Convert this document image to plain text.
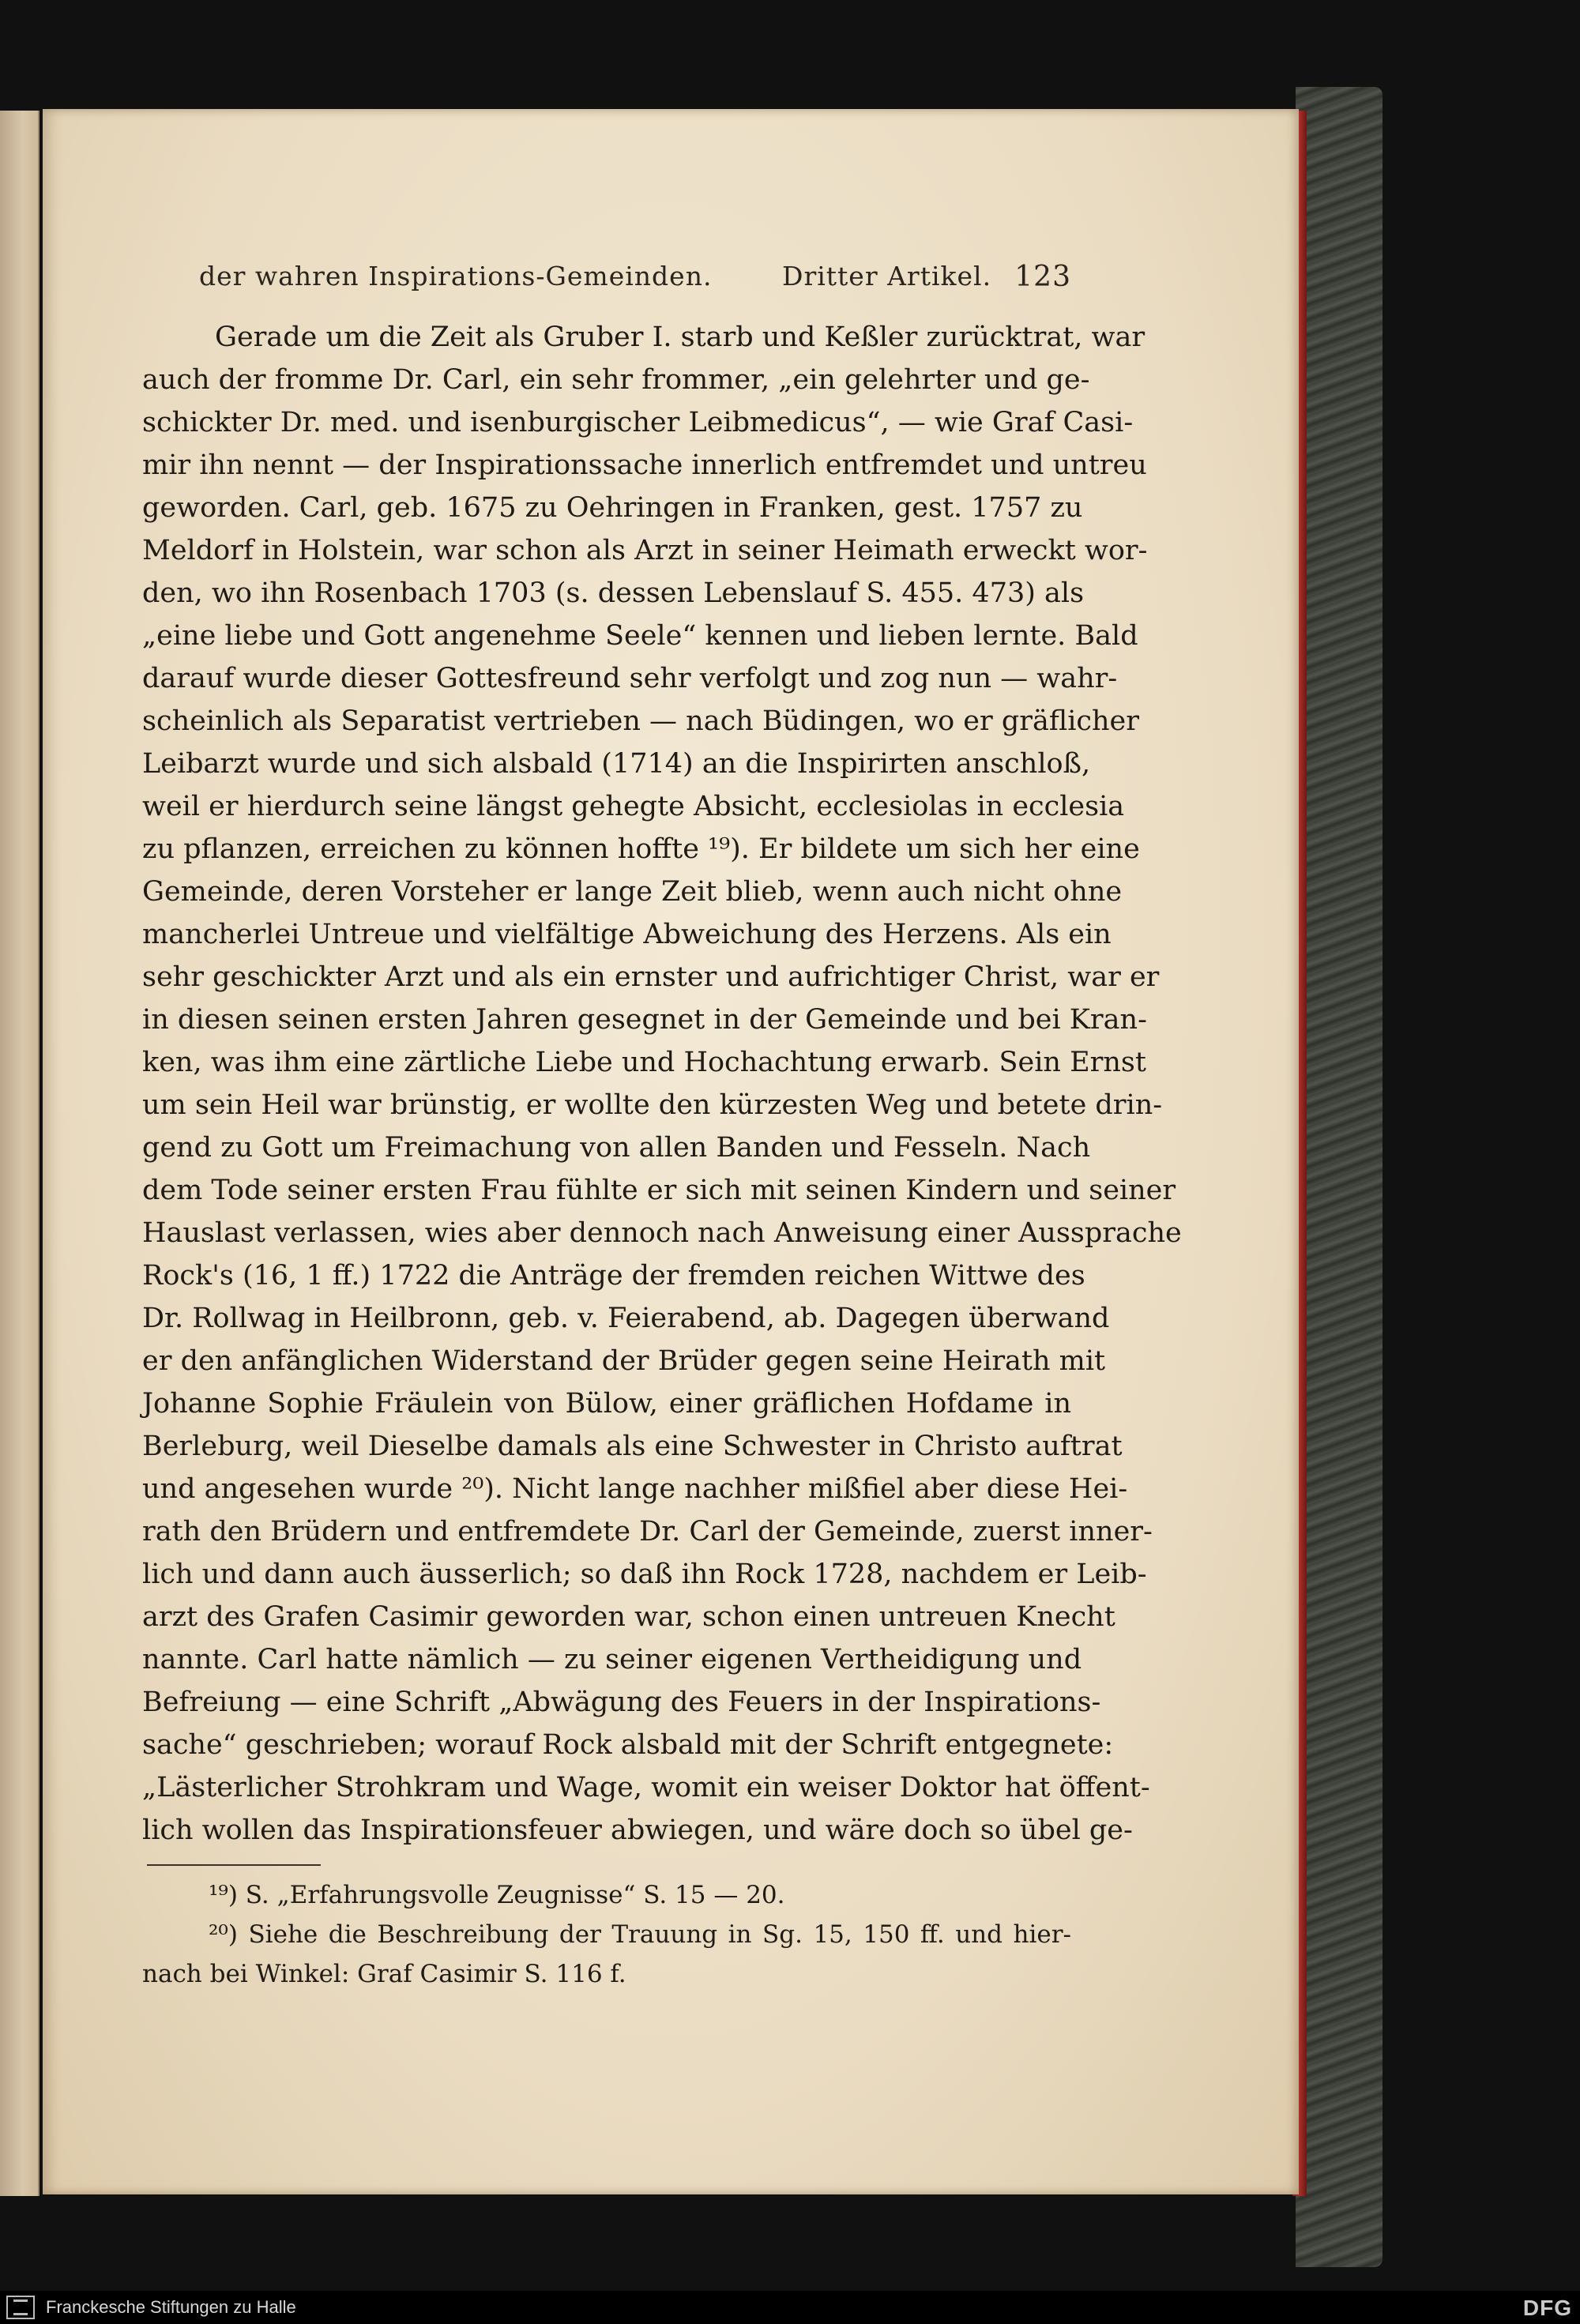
der wahren Inspirations-Gemeinden.	Dritter Artikel. 123
Gerade um die Zeit als Gruber I. starb und Keßler zurücktrat, war
auch der fromme Dr. Carl, ein sehr frommer, „ein gelehrter und ge-
schickter Dr. med. und isenburgischer Leibmedicus“, — wie Graf Casi-
mir ihn nennt — der Inspirationssache innerlich entfremdet und untreu
geworden. Carl, geb. 1675 zu Oehringen in Franken, gest. 1757 zu
Meldorf in Holstein, war schon als Arzt in seiner Heimath erweckt wor-
den, wo ihn Rosenbach 1703 (s. dessen Lebenslauf S. 455. 473) als
„eine liebe und Gott angenehme Seele“ kennen und lieben lernte. Bald
darauf wurde dieser Gottesfreund sehr verfolgt und zog nun — wahr-
scheinlich als Separatist vertrieben — nach Büdingen, wo er gräflicher
Leibarzt wurde und sich alsbald (1714) an die Inspirirten anschloß,
weil er hierdurch seine längst gehegte Absicht, ecclesiolas in ecclesia
zu pflanzen, erreichen zu können hoffte ¹⁹). Er bildete um sich her eine
Gemeinde, deren Vorsteher er lange Zeit blieb, wenn auch nicht ohne
mancherlei Untreue und vielfältige Abweichung des Herzens. Als ein
sehr geschickter Arzt und als ein ernster und aufrichtiger Christ, war er
in diesen seinen ersten Jahren gesegnet in der Gemeinde und bei Kran-
ken, was ihm eine zärtliche Liebe und Hochachtung erwarb. Sein Ernst
um sein Heil war brünstig, er wollte den kürzesten Weg und betete drin-
gend zu Gott um Freimachung von allen Banden und Fesseln. Nach
dem Tode seiner ersten Frau fühlte er sich mit seinen Kindern und seiner
Hauslast verlassen, wies aber dennoch nach Anweisung einer Aussprache
Rock's (16, 1 ff.) 1722 die Anträge der fremden reichen Wittwe des
Dr. Rollwag in Heilbronn, geb. v. Feierabend, ab. Dagegen überwand
er den anfänglichen Widerstand der Brüder gegen seine Heirath mit
Johanne Sophie Fräulein von Bülow, einer gräflichen Hofdame in
Berleburg, weil Dieselbe damals als eine Schwester in Christo auftrat
und angesehen wurde ²⁰). Nicht lange nachher mißfiel aber diese Hei-
rath den Brüdern und entfremdete Dr. Carl der Gemeinde, zuerst inner-
lich und dann auch äusserlich; so daß ihn Rock 1728, nachdem er Leib-
arzt des Grafen Casimir geworden war, schon einen untreuen Knecht
nannte. Carl hatte nämlich — zu seiner eigenen Vertheidigung und
Befreiung — eine Schrift „Abwägung des Feuers in der Inspirations-
sache“ geschrieben; worauf Rock alsbald mit der Schrift entgegnete:
„Lästerlicher Strohkram und Wage, womit ein weiser Doktor hat öffent-
lich wollen das Inspirationsfeuer abwiegen, und wäre doch so übel ge-
¹⁹) S. „Erfahrungsvolle Zeugnisse“ S. 15 — 20.
²⁰) Siehe die Beschreibung der Trauung in Sg. 15, 150 ff. und hier-
nach bei Winkel: Graf Casimir S. 116 f.
Franckesche Stiftungen zu Halle	DFG
